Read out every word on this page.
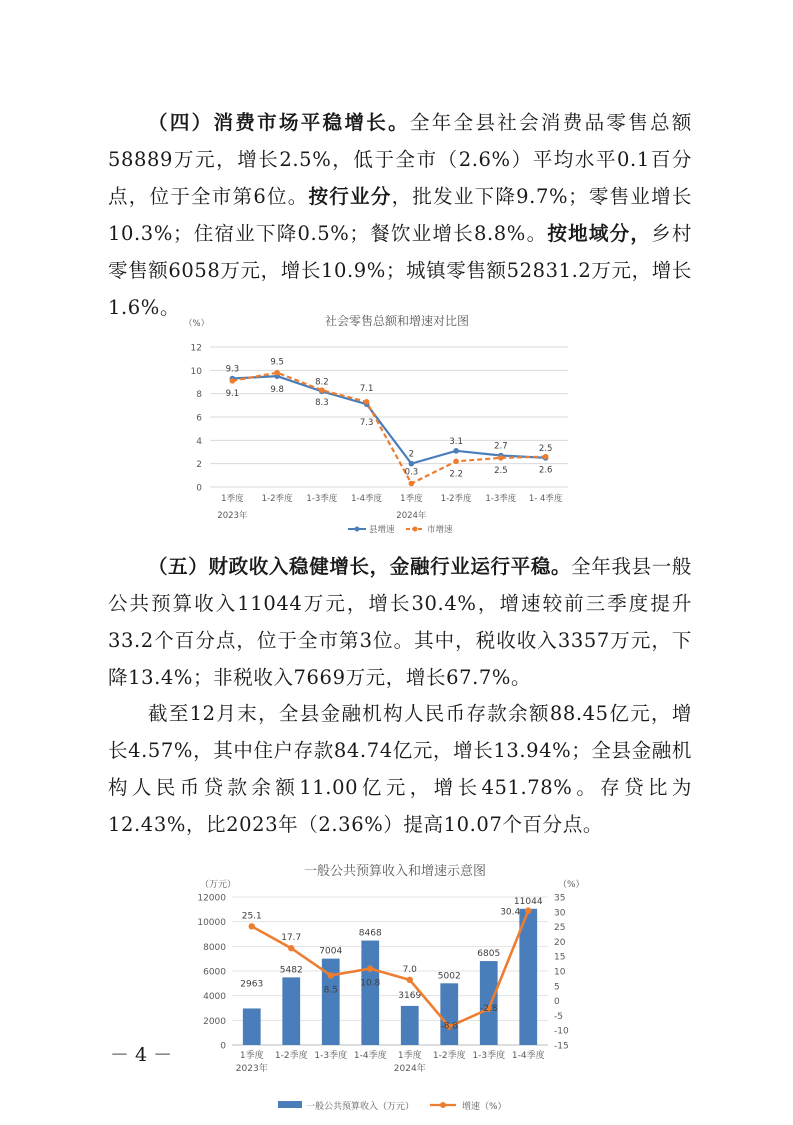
（四）消费市场平稳增长。全年全县社会消费品零售总额58889万元，增长2.5%，低于全市（2.6%）平均水平0.1百分点，位于全市第6位。按行业分，批发业下降9.7%；零售业增长10.3%；住宿业下降0.5%；餐饮业增长8.8%。按地域分，乡村零售额6058万元，增长10.9%；城镇零售额52831.2万元，增长1.6%。

0
2
4
6
8
10
12
（%）	社会零售总额和增速对比图
1季度 1-2季度 1-3季度 1-4季度 1季度 1-2季度 1-3季度 1- 4季度
2023年	2024年
9.3
9.5
8.2
7.1
2
3.1	2.7	2.5
9.1	9.8
8.3
7.3
0.3	2.2	2.5	2.6
县增速	市增速

（五）财政收入稳健增长，金融行业运行平稳。全年我县一般公共预算收入11044万元，增长30.4%，增速较前三季度提升33.2个百分点，位于全市第3位。其中，税收收入3357万元，下降13.4%；非税收入7669万元，增长67.7%。

截至12月末，全县金融机构人民币存款余额88.45亿元，增长4.57%，其中住户存款84.74亿元，增长13.94%；全县金融机构人民币贷款余额11.00亿元，增长451.78%。存贷比为12.43%，比2023年（2.36%）提高10.07个百分点。

一般公共预算收入和增速示意图
（万元）	（%）
0
2000
4000
6000
8000
10000
12000
-15
-10
-5
0
5
10
15
20
25
30
35
2963
5482
7004
8468
3169
5002
6805
11044
25.1
17.7
8.5
10.8
7.0
-8.8
-2.8
30.4
1季度 1-2季度 1-3季度 1-4季度 1季度 1-2季度 1-3季度 1-4季度
2023年	2024年
一般公共预算收入（万元）	增速（%）
－ 4 －
